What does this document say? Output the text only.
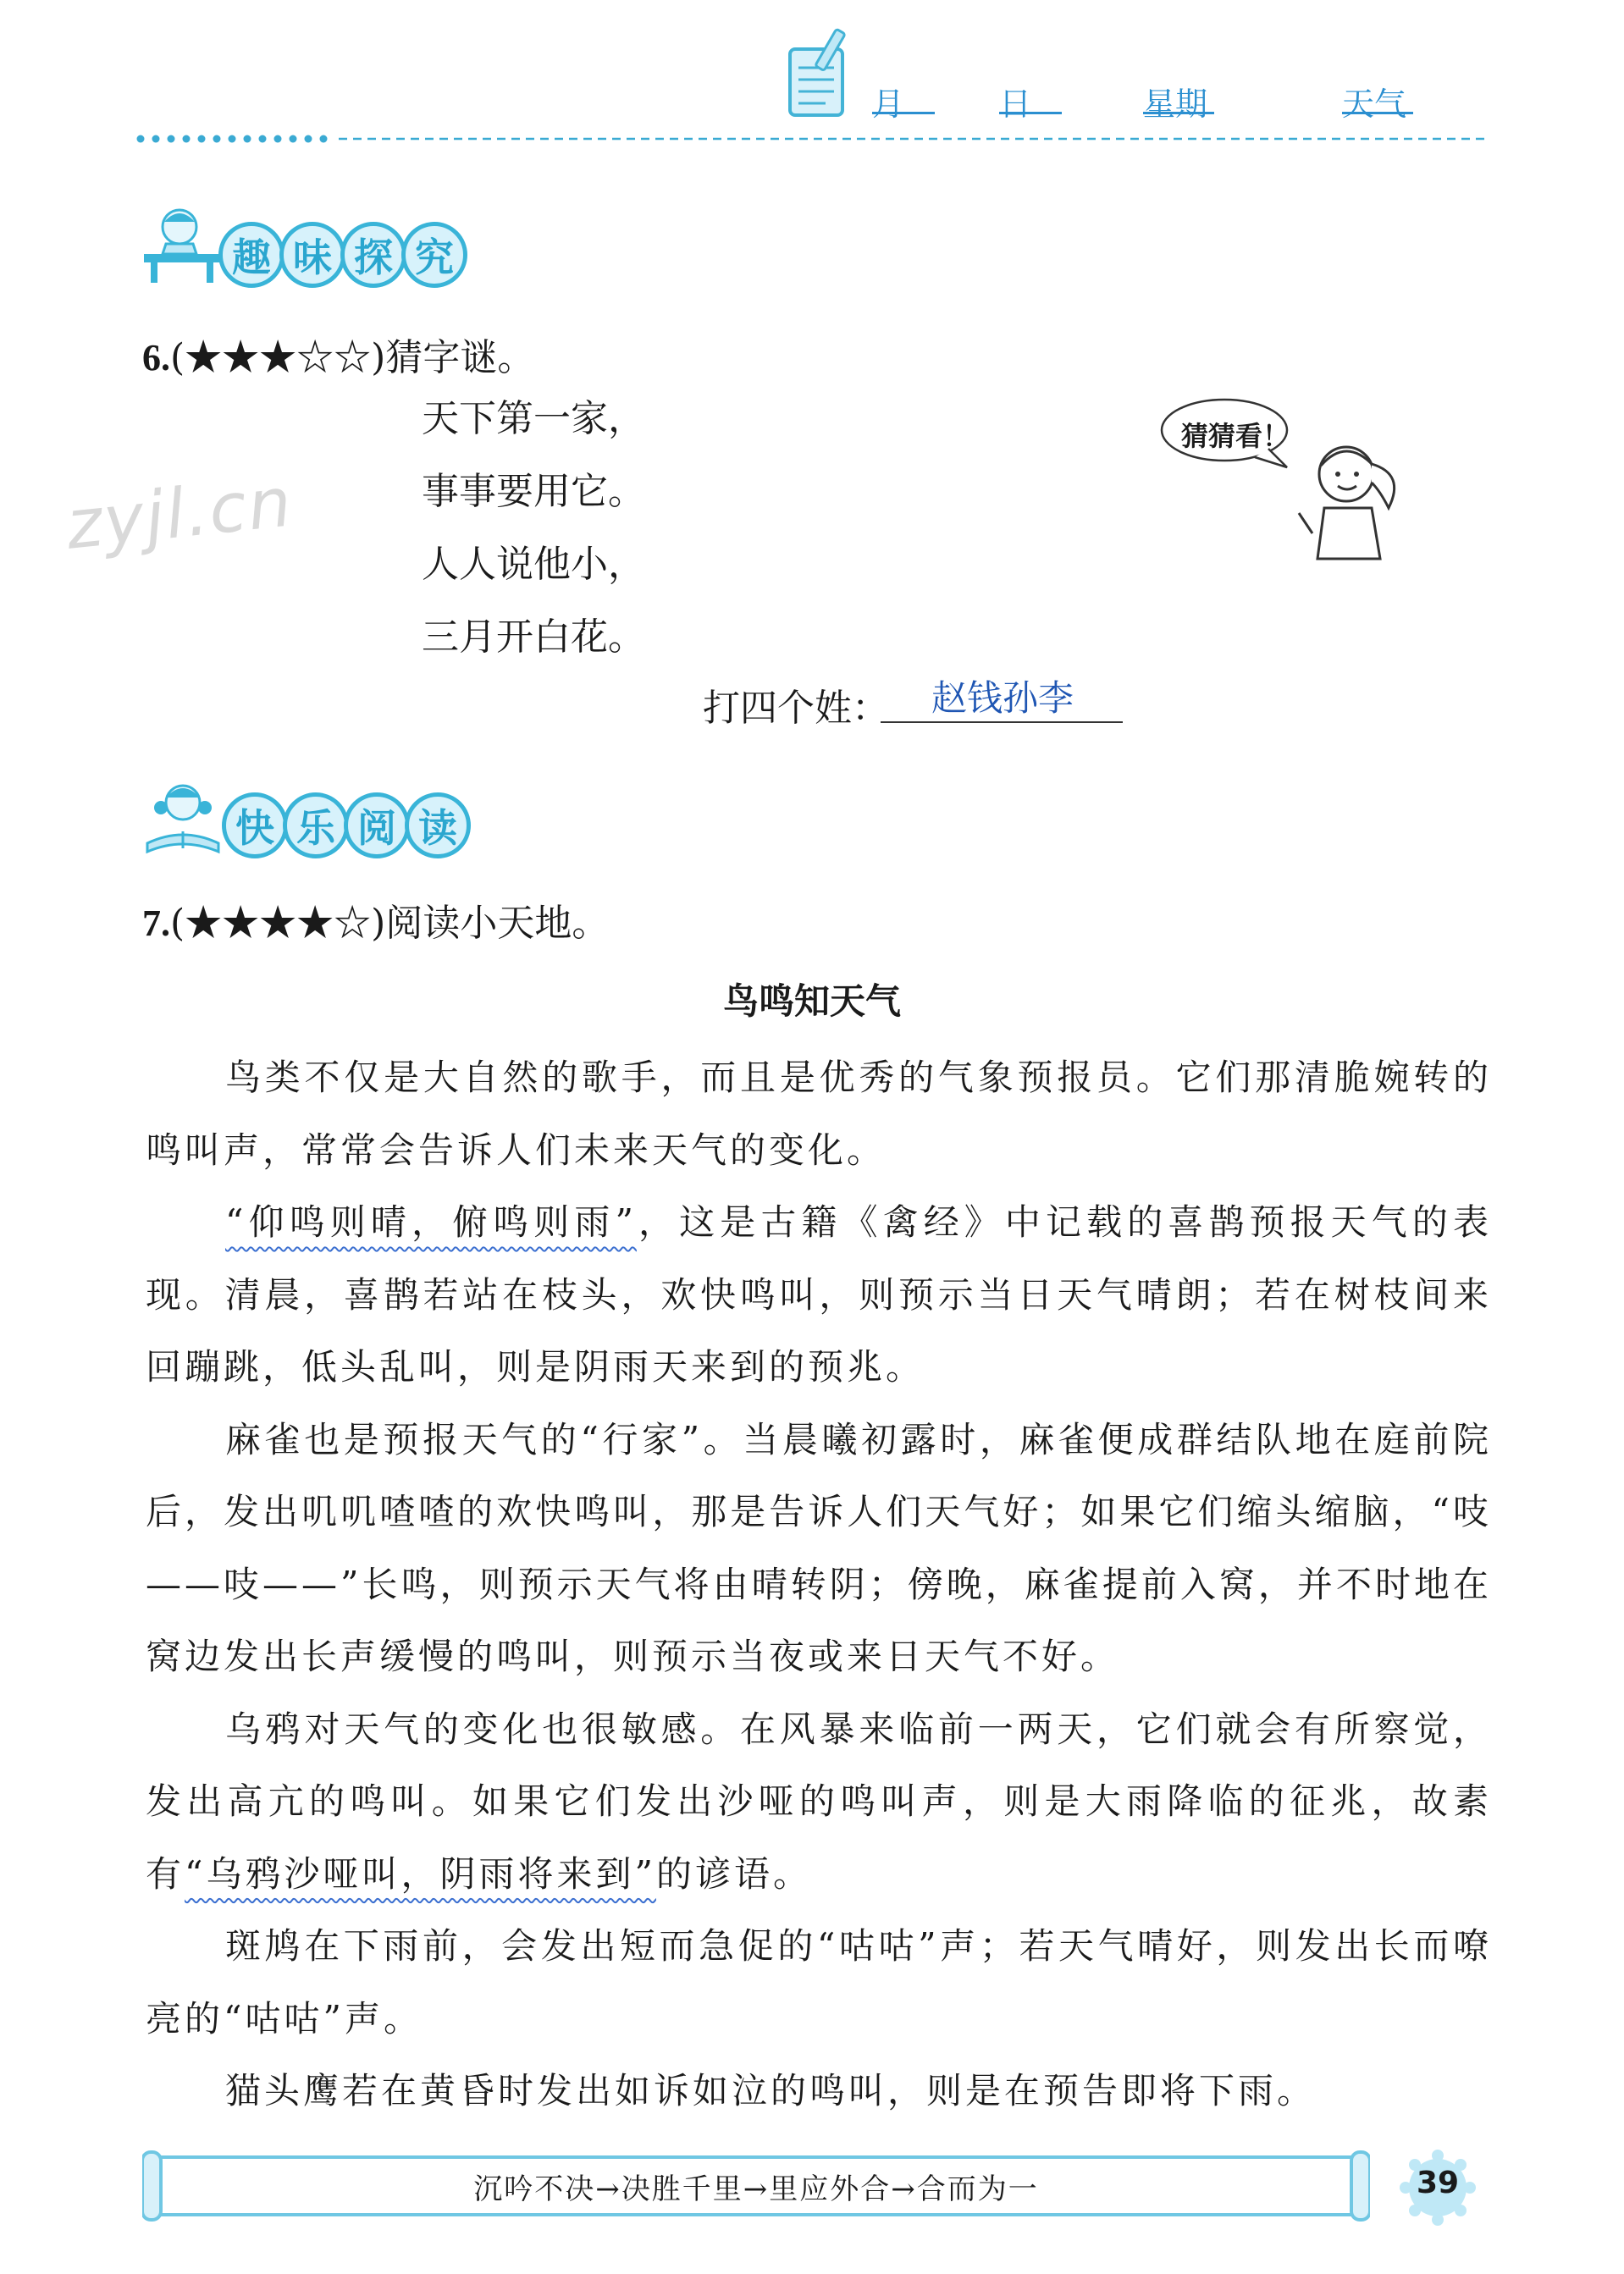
月	日	星期	天气
趣 味 探 究
6.(★★★☆☆)猜字谜。
天下第一家，
事事要用它。
人人说他小，
三月开白花。
打四个姓： 赵钱孙李
猜猜看！
zyjl.cn
快 乐 阅 读
7.(★★★★☆)阅读小天地。
鸟鸣知天气

鸟类不仅是大自然的歌手，而且是优秀的气象预报员。它们那清脆婉转的鸣叫声，常常会告诉人们未来天气的变化。

“仰鸣则晴，俯鸣则雨”，这是古籍《禽经》中记载的喜鹊预报天气的表现。清晨，喜鹊若站在枝头，欢快鸣叫，则预示当日天气晴朗；若在树枝间来回蹦跳，低头乱叫，则是阴雨天来到的预兆。

麻雀也是预报天气的“行家”。当晨曦初露时，麻雀便成群结队地在庭前院后，发出叽叽喳喳的欢快鸣叫，那是告诉人们天气好；如果它们缩头缩脑，“吱——吱——”长鸣，则预示天气将由晴转阴；傍晚，麻雀提前入窝，并不时地在窝边发出长声缓慢的鸣叫，则预示当夜或来日天气不好。

乌鸦对天气的变化也很敏感。在风暴来临前一两天，它们就会有所察觉，发出高亢的鸣叫。如果它们发出沙哑的鸣叫声，则是大雨降临的征兆，故素有“乌鸦沙哑叫，阴雨将来到”的谚语。

斑鸠在下雨前，会发出短而急促的“咕咕”声；若天气晴好，则发出长而嘹亮的“咕咕”声。

猫头鹰若在黄昏时发出如诉如泣的鸣叫，则是在预告即将下雨。

沉吟不决→决胜千里→里应外合→合而为一	39
